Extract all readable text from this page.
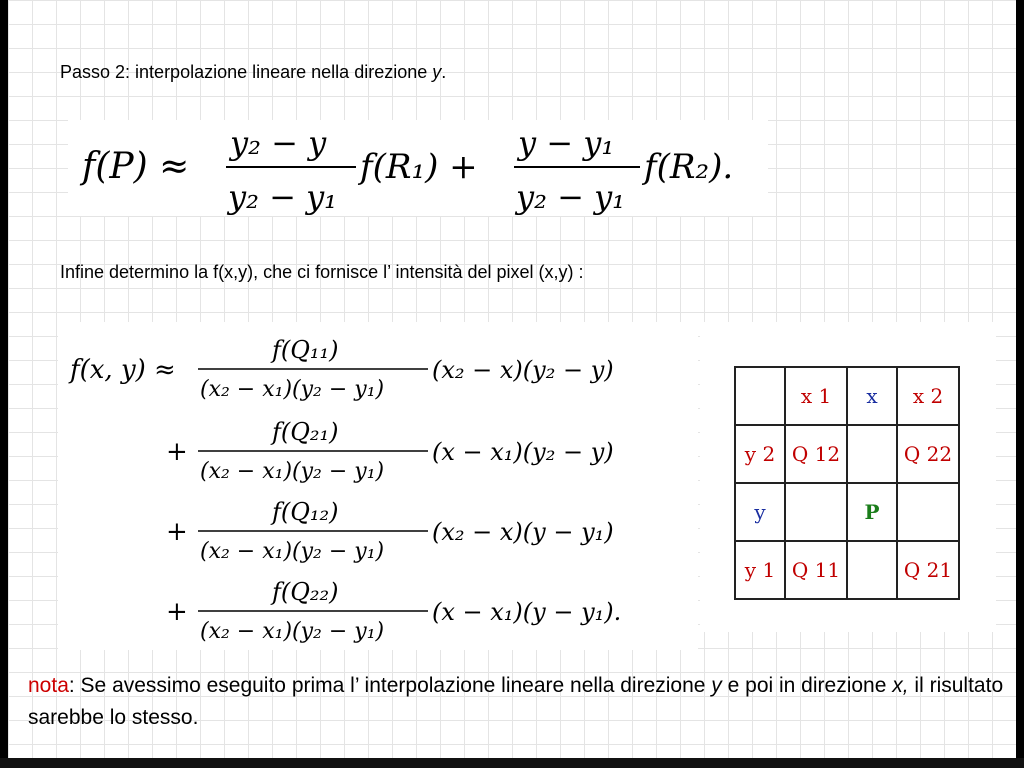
Passo 2: interpolazione lineare nella direzione y.
f(P) ≈
y₂ − y
y₂ − y₁
f(R₁) +
y − y₁
y₂ − y₁
f(R₂).
Infine determino la f(x,y), che ci fornisce l’ intensità del pixel (x,y) :
f(x, y) ≈
f(Q₁₁)
(x₂ − x₁)(y₂ − y₁)
(x₂ − x)(y₂ − y)
+
f(Q₂₁)
(x₂ − x₁)(y₂ − y₁)
(x − x₁)(y₂ − y)
+
f(Q₁₂)
(x₂ − x₁)(y₂ − y₁)
(x₂ − x)(y − y₁)
+
f(Q₂₂)
(x₂ − x₁)(y₂ − y₁)
(x − x₁)(y − y₁).
	x 1	x	x 2
y 2	Q 12		Q 22
y		P	
y 1	Q 11		Q 21
nota: Se avessimo eseguito prima l’ interpolazione lineare nella direzione y e poi in direzione x, il risultato sarebbe lo stesso.
